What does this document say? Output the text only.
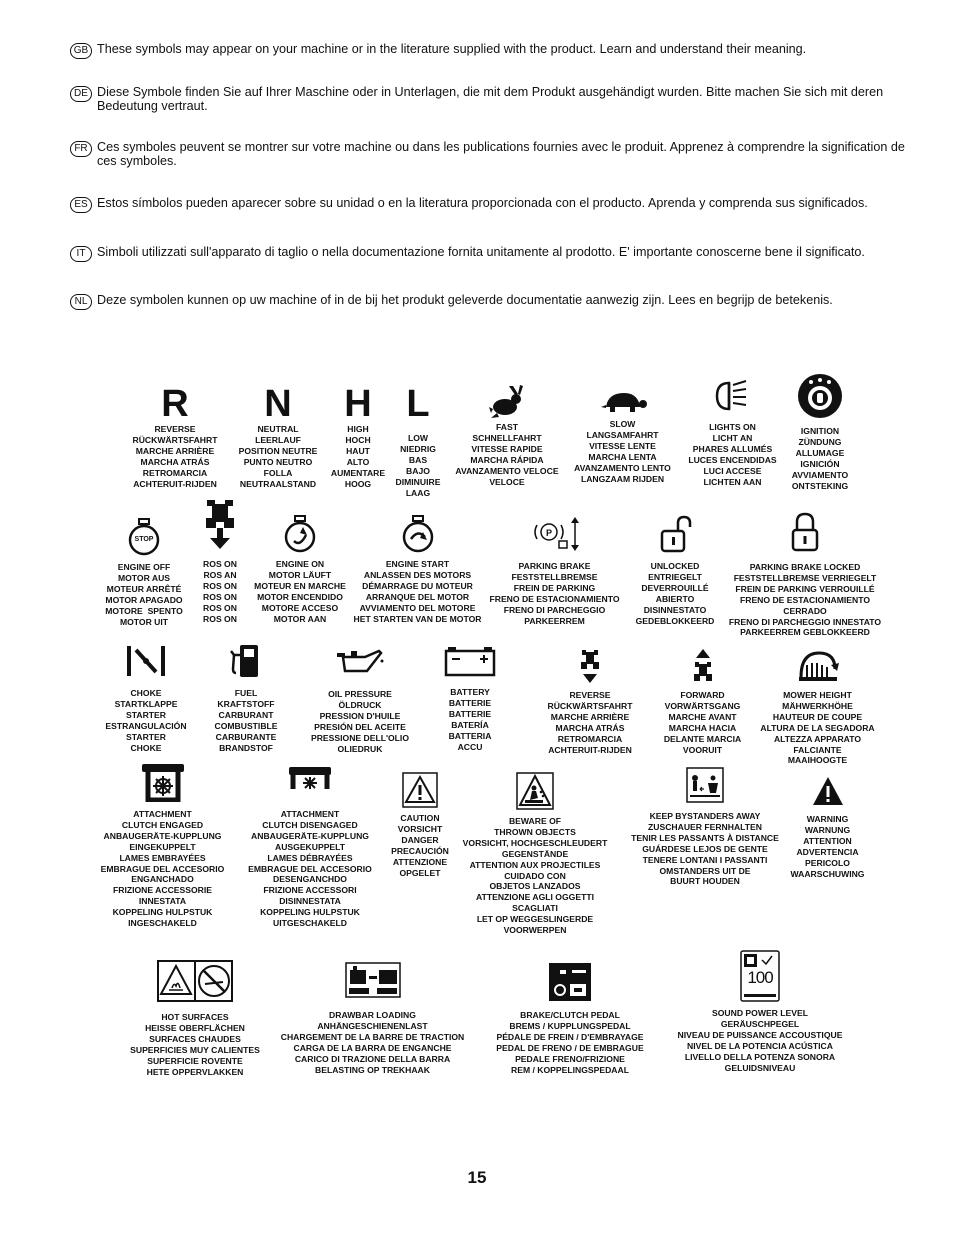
GB These symbols may appear on your machine or in the literature supplied with the product. Learn and understand their meaning.
DE Diese Symbole finden Sie auf Ihrer Maschine oder in Unterlagen, die mit dem Produkt ausgehändigt wurden. Bitte machen Sie sich mit deren Bedeutung vertraut.
FR Ces symboles peuvent se montrer sur votre machine ou dans les publications fournies avec le produit. Apprenez à comprendre la signification de ces symboles.
ES Estos símbolos pueden aparecer sobre su unidad o en la literatura proporcionada con el producto. Aprenda y comprenda sus significados.
IT Simboli utilizzati sull'apparato di taglio o nella documentazione fornita unitamente al prodotto. E' importante conoscerne bene il significato.
NL Deze symbolen kunnen op uw machine of in de bij het produkt geleverde documentatie aanwezig zijn. Lees en begrijp de betekenis.
R
REVERSE
RÜCKWÄRTSFAHRT
MARCHE ARRIÈRE
MARCHA ATRÁS
RETROMARCIA
ACHTERUIT-RIJDEN
N
NEUTRAL
LEERLAUF
POSITION NEUTRE
PUNTO NEUTRO
FOLLA
NEUTRAALSTAND
H
HIGH
HOCH
HAUT
ALTO
AUMENTARE
HOOG
L
LOW
NIEDRIG
BAS
BAJO
DIMINUIRE
LAAG
FAST
SCHNELLFAHRT
VITESSE RAPIDE
MARCHA RÁPIDA
AVANZAMENTO VELOCE
VELOCE
SLOW
LANGSAMFAHRT
VITESSE LENTE
MARCHA LENTA
AVANZAMENTO LENTO
LANGZAAM RIJDEN
LIGHTS ON
LICHT AN
PHARES ALLUMÉS
LUCES ENCENDIDAS
LUCI ACCESE
LICHTEN AAN
IGNITION
ZÜNDUNG
ALLUMAGE
IGNICIÓN
AVVIAMENTO
ONTSTEKING
STOP
ENGINE OFF
MOTOR AUS
MOTEUR ARRÊTÉ
MOTOR APAGADO
MOTORE  SPENTO
MOTOR UIT
ROS ON
ROS AN
ROS ON
ROS ON
ROS ON
ROS ON
ENGINE ON
MOTOR LÄUFT
MOTEUR EN MARCHE
MOTOR ENCENDIDO
MOTORE ACCESO
MOTOR AAN
ENGINE START
ANLASSEN DES MOTORS
DÉMARRAGE DU MOTEUR
ARRANQUE DEL MOTOR
AVVIAMENTO DEL MOTORE
HET STARTEN VAN DE MOTOR
P
PARKING BRAKE
FESTSTELLBREMSE
FREIN DE PARKING
FRENO DE ESTACIONAMIENTO
FRENO DI PARCHEGGIO
PARKEERREM
UNLOCKED
ENTRIEGELT
DEVERROUILLÉ
ABIERTO
DISINNESTATO
GEDEBLOKKEERD
PARKING BRAKE LOCKED
FESTSTELLBREMSE VERRIEGELT
FREIN DE PARKING VERROUILLÉ
FRENO DE ESTACIONAMIENTO
CERRADO
FRENO DI PARCHEGGIO INNESTATO
PARKEERREM GEBLOKKEERD
CHOKE
STARTKLAPPE
STARTER
ESTRANGULACIÓN
STARTER
CHOKE
FUEL
KRAFTSTOFF
CARBURANT
COMBUSTIBLE
CARBURANTE
BRANDSTOF
OIL PRESSURE
ÖLDRUCK
PRESSION D'HUILE
PRESIÓN DEL ACEITE
PRESSIONE DELL'OLIO
OLIEDRUK
BATTERY
BATTERIE
BATTERIE
BATERÍA
BATTERIA
ACCU
REVERSE
RÜCKWÄRTSFAHRT
MARCHE ARRIÈRE
MARCHA ATRÁS
RETROMARCIA
ACHTERUIT-RIJDEN
FORWARD
VORWÄRTSGANG
MARCHE AVANT
MARCHA HACIA
DELANTE MARCIA
VOORUIT
MOWER HEIGHT
MÄHWERKHÖHE
HAUTEUR DE COUPE
ALTURA DE LA SEGADORA
ALTEZZA APPARATO
FALCIANTE
MAAIHOOGTE
ATTACHMENT
CLUTCH ENGAGED
ANBAUGERÄTE-KUPPLUNG
EINGEKUPPELT
LAMES EMBRAYÉES
EMBRAGUE DEL ACCESORIO
ENGANCHADO
FRIZIONE ACCESSORIE
INNESTATA
KOPPELING HULPSTUK
INGESCHAKELD
ATTACHMENT
CLUTCH DISENGAGED
ANBAUGERÄTE-KUPPLUNG
AUSGEKUPPELT
LAMES DÉBRAYÉES
EMBRAGUE DEL ACCESORIO
DESENGANCHDO
FRIZIONE ACCESSORI
DISINNESTATA
KOPPELING HULPSTUK
UITGESCHAKELD
CAUTION
VORSICHT
DANGER
PRECAUCIÓN
ATTENZIONE
OPGELET
BEWARE OF
THROWN OBJECTS
VORSICHT, HOCHGESCHLEUDERT
GEGENSTÄNDE
ATTENTION AUX PROJECTILES
CUIDADO CON
OBJETOS LANZADOS
ATTENZIONE AGLI OGGETTI
SCAGLIATI
LET OP WEGGESLINGERDE
VOORWERPEN
KEEP BYSTANDERS AWAY
ZUSCHAUER FERNHALTEN
TENIR LES PASSANTS À DISTANCE
GUÁRDESE LEJOS DE GENTE
TENERE LONTANI I PASSANTI
OMSTANDERS UIT DE
BUURT HOUDEN
WARNING
WARNUNG
ATTENTION
ADVERTENCIA
PERICOLO
WAARSCHUWING
HOT SURFACES
HEISSE OBERFLÄCHEN
SURFACES CHAUDES
SUPERFICIES MUY CALIENTES
SUPERFICIE ROVENTE
HETE OPPERVLAKKEN
DRAWBAR LOADING
ANHÄNGESCHIENENLAST
CHARGEMENT DE LA BARRE DE TRACTION
CARGA DE LA BARRA DE ENGANCHE
CARICO DI TRAZIONE DELLA BARRA
BELASTING OP TREKHAAK
BRAKE/CLUTCH PEDAL
BREMS / KUPPLUNGSPEDAL
PÉDALE DE FREIN / D'EMBRAYAGE
PEDAL DE FRENO / DE EMBRAGUE
PEDALE FRENO/FRIZIONE
REM / KOPPELINGSPEDAAL
100
SOUND POWER LEVEL
GERÄUSCHPEGEL
NIVEAU DE PUISSANCE ACCOUSTIQUE
NIVEL DE LA POTENCIA ACÚSTICA
LIVELLO DELLA POTENZA SONORA
GELUIDSNIVEAU
15
